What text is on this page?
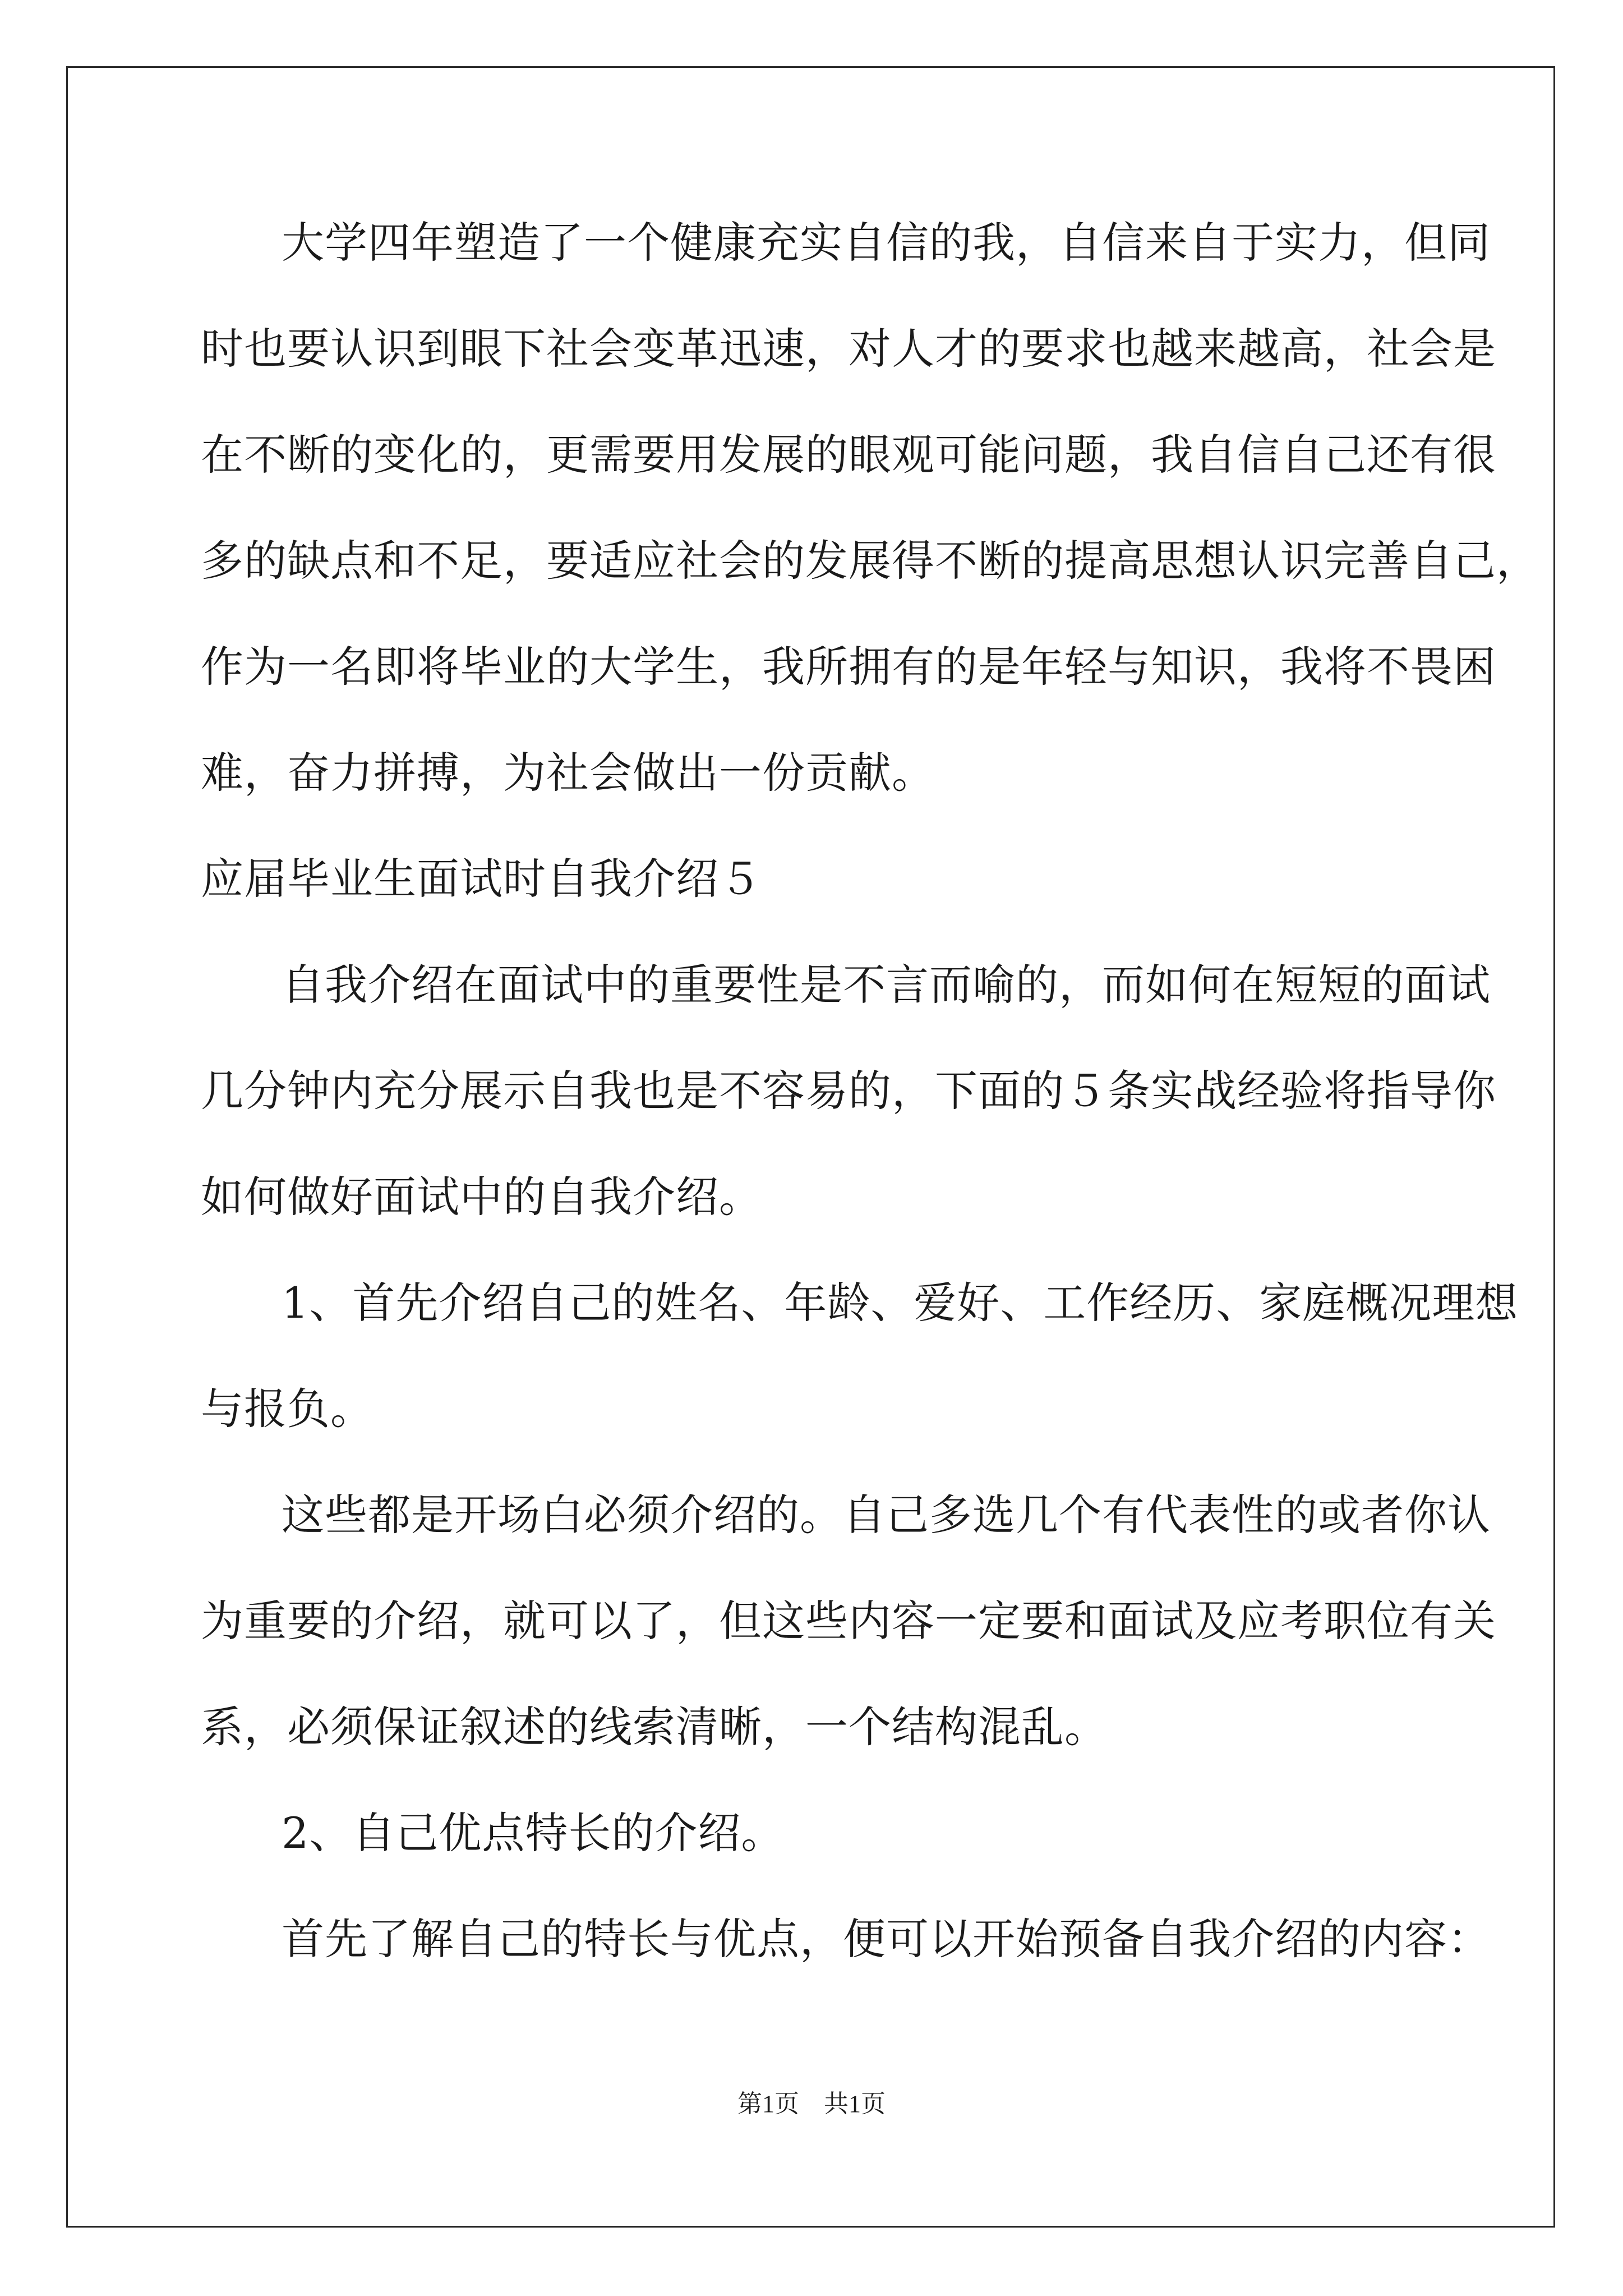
大学四年塑造了一个健康充实自信的我，自信来自于实力，但同
时也要认识到眼下社会变革迅速，对人才的要求也越来越高，社会是
在不断的变化的，更需要用发展的眼观可能问题，我自信自己还有很
多的缺点和不足，要适应社会的发展得不断的提高思想认识完善自己，
作为一名即将毕业的大学生，我所拥有的是年轻与知识，我将不畏困
难，奋力拼搏，为社会做出一份贡献。
应届毕业生面试时自我介绍５
自我介绍在面试中的重要性是不言而喻的，而如何在短短的面试
几分钟内充分展示自我也是不容易的，下面的５条实战经验将指导你
如何做好面试中的自我介绍。
1、首先介绍自己的姓名、年龄、爱好、工作经历、家庭概况理想
与报负。
这些都是开场白必须介绍的。自己多选几个有代表性的或者你认
为重要的介绍，就可以了，但这些内容一定要和面试及应考职位有关
系，必须保证叙述的线索清晰，一个结构混乱。
2、自己优点特长的介绍。
首先了解自己的特长与优点，便可以开始预备自我介绍的内容：
第1页 共1页
